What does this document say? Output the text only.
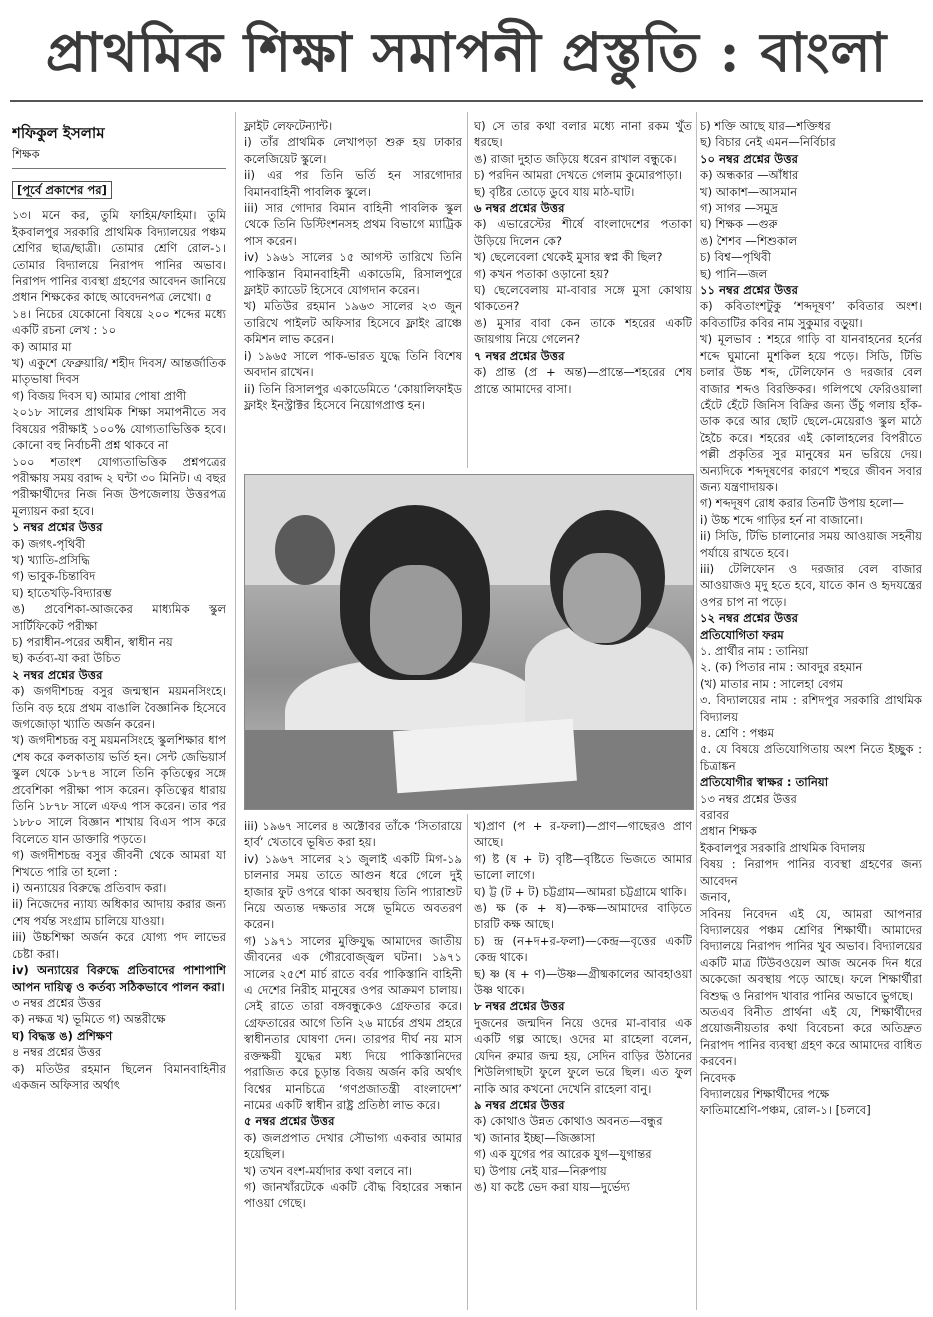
প্রাথমিক শিক্ষা সমাপনী প্রস্তুতি : বাংলা
শফিকুল ইসলাম
শিক্ষক
[পূর্বে প্রকাশের পর]

১৩। মনে কর, তুমি ফাহিম/ফাহিমা। তুমি ইকবালপুর সরকারি প্রাথমিক বিদ্যালয়ের পঞ্চম শ্রেণির ছাত্র/ছাত্রী। তোমার শ্রেণি রোল-১। তোমার বিদ্যালয়ে নিরাপদ পানির অভাব। নিরাপদ পানির ব্যবস্থা গ্রহণের আবেদন জানিয়ে প্রধান শিক্ষকের কাছে আবেদনপত্র লেখো। ৫

১৪। নিচের যেকোনো বিষয়ে ২০০ শব্দের মধ্যে একটি রচনা লেখ : ১০

ক) আমার মা

খ) একুশে ফেব্রুয়ারি/ শহীদ দিবস/ আন্তর্জাতিক মাতৃভাষা দিবস

গ) বিজয় দিবস ঘ) আমার পোষা প্রাণী

২০১৮ সালের প্রাথমিক শিক্ষা সমাপনীতে সব বিষয়ের পরীক্ষাই ১০০% যোগ্যতাভিত্তিক হবে। কোনো বহু নির্বাচনী প্রশ্ন থাকবে না

১০০ শতাংশ যোগ্যতাভিত্তিক প্রশ্নপত্রের পরীক্ষায় সময় বরাদ্দ ২ ঘন্টা ৩০ মিনিট। এ বছর পরীক্ষার্থীদের নিজ নিজ উপজেলায় উত্তরপত্র মূল্যায়ন করা হবে।

১ নম্বর প্রশ্নের উত্তর

ক) জগৎ-পৃথিবী

খ) খ্যাতি-প্রসিদ্ধি

গ) ভাবুক-চিন্তাবিদ

ঘ) হাতেখড়ি-বিদ্যারম্ভ

ঙ) প্রবেশিকা-আজকের মাধ্যমিক স্কুল সার্টিফিকেট পরীক্ষা

চ) পরাধীন-পরের অধীন, স্বাধীন নয়

ছ) কর্তব্য-যা করা উচিত

২ নম্বর প্রশ্নের উত্তর

ক) জগদীশচন্দ্র বসুর জন্মস্থান ময়মনসিংহে। তিনি বড় হয়ে প্রথম বাঙালি বৈজ্ঞানিক হিসেবে জগজোড়া খ্যাতি অর্জন করেন।

খ) জগদীশচন্দ্র বসু ময়মনসিংহে স্কুলশিক্ষার ধাপ শেষ করে কলকাতায় ভর্তি হন। সেন্ট জেভিয়ার্স স্কুল থেকে ১৮৭৪ সালে তিনি কৃতিত্বের সঙ্গে প্রবেশিকা পরীক্ষা পাস করেন। কৃতিত্বের ধারায় তিনি ১৮৭৮ সালে এফএ পাস করেন। তার পর ১৮৮০ সালে বিজ্ঞান শাখায় বিএস পাস করে বিলেতে যান ডাক্তারি পড়তে।

গ) জগদীশচন্দ্র বসুর জীবনী থেকে আমরা যা শিখতে পারি তা হলো :

i) অন্যায়ের বিরুদ্ধে প্রতিবাদ করা।

ii) নিজেদের ন্যায্য অধিকার আদায় করার জন্য শেষ পর্যন্ত সংগ্রাম চালিয়ে যাওয়া।

iii) উচ্চশিক্ষা অর্জন করে যোগ্য পদ লাভের চেষ্টা করা।

iv) অন্যায়ের বিরুদ্ধে প্রতিবাদের পাশাপাশি আপন দায়িত্ব ও কর্তব্য সঠিকভাবে পালন করা।

৩ নম্বর প্রশ্নের উত্তর

ক) নক্ষত্র খ) ভূমিতে গ) অন্তরীক্ষে

ঘ) বিদ্ধস্ত ঙ) প্রশিক্ষণ

৪ নম্বর প্রশ্নের উত্তর

ক) মতিউর রহমান ছিলেন বিমানবাহিনীর একজন অফিসার অর্থাৎ

ফ্লাইট লেফটেন্যান্ট।

i) তাঁর প্রাথমিক লেখাপড়া শুরু হয় ঢাকার কলেজিয়েট স্কুলে।

ii) এর পর তিনি ভর্তি হন সারগোদার বিমানবাহিনী পাবলিক স্কুলে।

iii) সার গোদার বিমান বাহিনী পাবলিক স্কুল থেকে তিনি ডিস্টিংশনসহ প্রথম বিভাগে ম্যাট্রিক পাস করেন।

iv) ১৯৬১ সালের ১৫ আগস্ট তারিখে তিনি পাকিস্তান বিমানবাহিনী একাডেমি, রিসালপুরে ফ্লাইট ক্যাডেট হিসেবে যোগদান করেন।

খ) মতিউর রহমান ১৯৬৩ সালের ২৩ জুন তারিখে পাইলট অফিসার হিসেবে ফ্লাইং ব্রাঞ্চে কমিশন লাভ করেন।

i) ১৯৬৫ সালে পাক-ভারত যুদ্ধে তিনি বিশেষ অবদান রাখেন।

ii) তিনি রিসালপুর একাডেমিতে ‘কোয়ালিফাইড ফ্লাইং ইনস্ট্রাক্টর হিসেবে নিয়োগপ্রাপ্ত হন।

ঘ) সে তার কথা বলার মধ্যে নানা রকম খুঁত ধরছে।

ঙ) রাজা দুহাত জড়িয়ে ধরেন রাখাল বন্ধুকে।

চ) পরদিন আমরা দেখতে গেলাম কুমোরপাড়া।

ছ) বৃষ্টির তোড়ে ডুবে যায় মাঠ-ঘাট।

৬ নম্বর প্রশ্নের উত্তর

ক) এভারেস্টের শীর্ষে বাংলাদেশের পতাকা উড়িয়ে দিলেন কে?

খ) ছেলেবেলা থেকেই মুসার স্বপ্ন কী ছিল?

গ) কখন পতাকা ওড়ানো হয়?

ঘ) ছেলেবেলায় মা-বাবার সঙ্গে মুসা কোথায় থাকতেন?

ঙ) মুসার বাবা কেন তাকে শহরের একটি জায়গায় নিয়ে গেলেন?

৭ নম্বর প্রশ্নের উত্তর

ক) প্রান্ত (প্র + অন্ত)—প্রান্তে—শহরের শেষ প্রান্তে আমাদের বাসা।

iii) ১৯৬৭ সালের ৪ অক্টোবর তাঁকে ‘সিতারায়ে হার্ব’ খেতাবে ভূষিত করা হয়।

iv) ১৯৬৭ সালের ২১ জুলাই একটি মিগ-১৯ চালনার সময় তাতে আগুন ধরে গেলে দুই হাজার ফুট ওপরে থাকা অবস্থায় তিনি প্যারাশুট নিয়ে অত্যন্ত দক্ষতার সঙ্গে ভূমিতে অবতরণ করেন।

গ) ১৯৭১ সালের মুক্তিযুদ্ধ আমাদের জাতীয় জীবনের এক গৌরবোজ্জ্বল ঘটনা। ১৯৭১ সালের ২৫শে মার্চ রাতে বর্বর পাকিস্তানি বাহিনী এ দেশের নিরীহ মানুষের ওপর আক্রমণ চালায়। সেই রাতে তারা বঙ্গবন্ধুকেও গ্রেফতার করে। গ্রেফতারের আগে তিনি ২৬ মার্চের প্রথম প্রহরে স্বাধীনতার ঘোষণা দেন। তারপর দীর্ঘ নয় মাস রক্তক্ষয়ী যুদ্ধের মধ্য দিয়ে পাকিস্তানিদের পরাজিত করে চূড়ান্ত বিজয় অর্জন করি অর্থাৎ বিশ্বের মানচিত্রে ‘গণপ্রজাতন্ত্রী বাংলাদেশ’ নামের একটি স্বাধীন রাষ্ট্র প্রতিষ্ঠা লাভ করে।

৫ নম্বর প্রশ্নের উত্তর

ক) জলপ্রপাত দেখার সৌভাগ্য একবার আমার হয়েছিল।

খ) তখন বংশ-মর্যাদার কথা বলবে না।

গ) জানখাঁরটেকে একটি বৌদ্ধ বিহারের সন্ধান পাওয়া গেছে।

খ)প্রাণ (প + র-ফলা)—প্রাণ—গাছেরও প্রাণ আছে।

গ) ষ্ট (ষ + ট) বৃষ্টি—বৃষ্টিতে ভিজতে আমার ভালো লাগে।

ঘ) ট্ট (ট + ট) চট্টগ্রাম—আমরা চট্টগ্রামে থাকি।

ঙ) ক্ষ (ক + ষ)—কক্ষ—আমাদের বাড়িতে চারটি কক্ষ আছে।

চ) ন্দ্র (ন+দ+র-ফলা)—কেন্দ্র—বৃত্তের একটি কেন্দ্র থাকে।

ছ) ষ্ণ (ষ + ণ)—উষ্ণ—গ্রীষ্মকালের আবহাওয়া উষ্ণ থাকে।

৮ নম্বর প্রশ্নের উত্তর

দুজনের জন্মদিন নিয়ে ওদের মা-বাবার এক একটি গল্প আছে। ওদের মা রাহেলা বলেন, যেদিন রুমার জন্ম হয়, সেদিন বাড়ির উঠানের শিউলিগাছটা ফুলে ফুলে ভরে ছিল। এত ফুল নাকি আর কখনো দেখেনি রাহেলা বানু।

৯ নম্বর প্রশ্নের উত্তর

ক) কোথাও উন্নত কোথাও অবনত—বন্ধুর

খ) জানার ইচ্ছা—জিজ্ঞাসা

গ) এক যুগের পর আরেক যুগ—যুগান্তর

ঘ) উপায় নেই যার—নিরুপায়

ঙ) যা কষ্টে ভেদ করা যায়—দুর্ভেদ্য

চ) শক্তি আছে যার—শক্তিধর

ছ) বিচার নেই এমন—নির্বিচার

১০ নম্বর প্রশ্নের উত্তর

ক) অন্ধকার —আঁধার

খ) আকাশ—আসমান

গ) সাগর —সমুদ্র

ঘ) শিক্ষক —গুরু

ঙ) শৈশব —শিশুকাল

চ) বিশ্ব—পৃথিবী

ছ) পানি—জল

১১ নম্বর প্রশ্নের উত্তর

ক) কবিতাংশটুকু ‘শব্দদূষণ’ কবিতার অংশ। কবিতাটির কবির নাম সুকুমার বড়ুয়া।

খ) মূলভাব : শহরে গাড়ি বা যানবাহনের হর্নের শব্দে ঘুমানো মুশকিল হয়ে পড়ে। সিডি, টিভি চলার উচ্চ শব্দ, টেলিফোন ও দরজার বেল বাজার শব্দও বিরক্তিকর। গলিপথে ফেরিওয়ালা হেঁটে হেঁটে জিনিস বিক্রির জন্য উঁচু গলায় হাঁক-ডাক করে আর ছোট ছেলে-মেয়েরাও স্কুল মাঠে হৈচৈ করে। শহরের এই কোলাহলের বিপরীতে পল্লী প্রকৃতির সুর মানুষের মন ভরিয়ে দেয়। অন্যদিকে শব্দদূষণের কারণে শহুরে জীবন সবার জন্য যন্ত্রণাদায়ক।

গ) শব্দদূষণ রোধ করার তিনটি উপায় হলো—

i) উচ্চ শব্দে গাড়ির হর্ন না বাজানো।

ii) সিডি, টিভি চালানোর সময় আওয়াজ সহনীয় পর্যায়ে রাখতে হবে।

iii) টেলিফোন ও দরজার বেল বাজার আওয়াজও মৃদু হতে হবে, যাতে কান ও হৃদযন্ত্রের ওপর চাপ না পড়ে।

১২ নম্বর প্রশ্নের উত্তর

প্রতিযোগিতা ফরম

১. প্রার্থীর নাম : তানিয়া

২. (ক) পিতার নাম : আবদুর রহমান

(খ) মাতার নাম : সালেহা বেগম

৩. বিদ্যালয়ের নাম : রশিদপুর সরকারি প্রাথমিক বিদ্যালয়

৪. শ্রেণি : পঞ্চম

৫. যে বিষয়ে প্রতিযোগিতায় অংশ নিতে ইচ্ছুক : চিত্রাঙ্কন

প্রতিযোগীর স্বাক্ষর : তানিয়া

১৩ নম্বর প্রশ্নের উত্তর

বরাবর

প্রধান শিক্ষক

ইকবালপুর সরকারি প্রাথমিক বিদালয়

বিষয় : নিরাপদ পানির ব্যবস্থা গ্রহণের জন্য আবেদন

জনাব,

সবিনয় নিবেদন এই যে, আমরা আপনার বিদ্যালয়ের পঞ্চম শ্রেণির শিক্ষার্থী। আমাদের বিদ্যালয়ে নিরাপদ পানির খুব অভাব। বিদ্যালয়ের একটি মাত্র টিউবওয়েল আজ অনেক দিন ধরে অকেজো অবস্থায় পড়ে আছে। ফলে শিক্ষার্থীরা বিশুদ্ধ ও নিরাপদ খাবার পানির অভাবে ভুগছে।

অতএব বিনীত প্রার্থনা এই যে, শিক্ষার্থীদের প্রয়োজনীয়তার কথা বিবেচনা করে অতিদ্রুত নিরাপদ পানির ব্যবস্থা গ্রহণ করে আমাদের বাধিত করবেন।

নিবেদক

বিদ্যালয়ের শিক্ষার্থীদের পক্ষে

ফাতিমাশ্রেণি-পঞ্চম, রোল-১। [চলবে]
